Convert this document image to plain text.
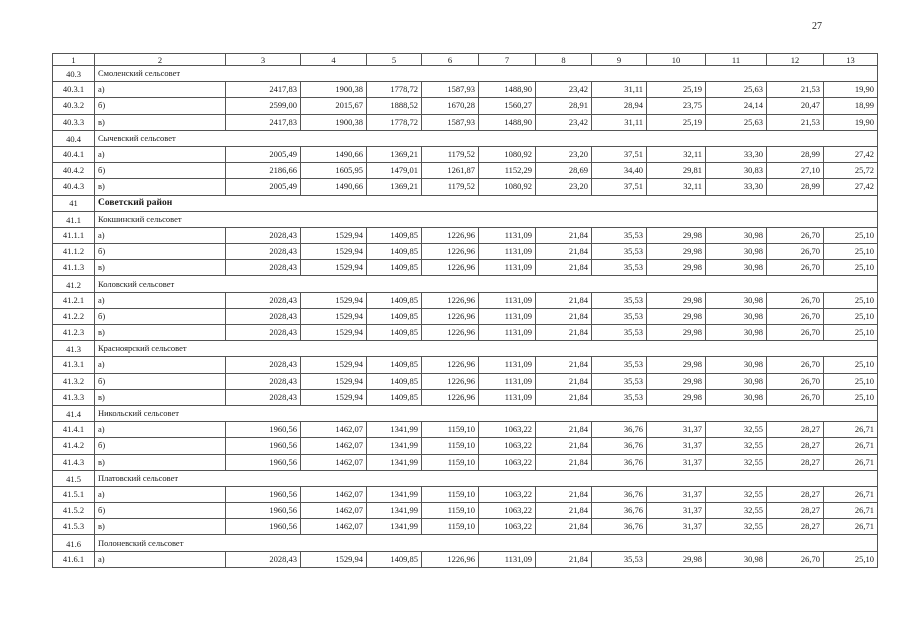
27
1	2	3	4	5	6	7	8	9	10	11	12	13
40.3	Смоленский сельсовет											
40.3.1	а)	2417,83	1900,38	1778,72	1587,93	1488,90	23,42	31,11	25,19	25,63	21,53	19,90
40.3.2	б)	2599,00	2015,67	1888,52	1670,28	1560,27	28,91	28,94	23,75	24,14	20,47	18,99
40.3.3	в)	2417,83	1900,38	1778,72	1587,93	1488,90	23,42	31,11	25,19	25,63	21,53	19,90
40.4	Сычевский сельсовет											
40.4.1	а)	2005,49	1490,66	1369,21	1179,52	1080,92	23,20	37,51	32,11	33,30	28,99	27,42
40.4.2	б)	2186,66	1605,95	1479,01	1261,87	1152,29	28,69	34,40	29,81	30,83	27,10	25,72
40.4.3	в)	2005,49	1490,66	1369,21	1179,52	1080,92	23,20	37,51	32,11	33,30	28,99	27,42
41	Советский район											
41.1	Кокшинский сельсовет											
41.1.1	а)	2028,43	1529,94	1409,85	1226,96	1131,09	21,84	35,53	29,98	30,98	26,70	25,10
41.1.2	б)	2028,43	1529,94	1409,85	1226,96	1131,09	21,84	35,53	29,98	30,98	26,70	25,10
41.1.3	в)	2028,43	1529,94	1409,85	1226,96	1131,09	21,84	35,53	29,98	30,98	26,70	25,10
41.2	Коловский сельсовет											
41.2.1	а)	2028,43	1529,94	1409,85	1226,96	1131,09	21,84	35,53	29,98	30,98	26,70	25,10
41.2.2	б)	2028,43	1529,94	1409,85	1226,96	1131,09	21,84	35,53	29,98	30,98	26,70	25,10
41.2.3	в)	2028,43	1529,94	1409,85	1226,96	1131,09	21,84	35,53	29,98	30,98	26,70	25,10
41.3	Красноярский сельсовет											
41.3.1	а)	2028,43	1529,94	1409,85	1226,96	1131,09	21,84	35,53	29,98	30,98	26,70	25,10
41.3.2	б)	2028,43	1529,94	1409,85	1226,96	1131,09	21,84	35,53	29,98	30,98	26,70	25,10
41.3.3	в)	2028,43	1529,94	1409,85	1226,96	1131,09	21,84	35,53	29,98	30,98	26,70	25,10
41.4	Никольский сельсовет											
41.4.1	а)	1960,56	1462,07	1341,99	1159,10	1063,22	21,84	36,76	31,37	32,55	28,27	26,71
41.4.2	б)	1960,56	1462,07	1341,99	1159,10	1063,22	21,84	36,76	31,37	32,55	28,27	26,71
41.4.3	в)	1960,56	1462,07	1341,99	1159,10	1063,22	21,84	36,76	31,37	32,55	28,27	26,71
41.5	Платовский сельсовет											
41.5.1	а)	1960,56	1462,07	1341,99	1159,10	1063,22	21,84	36,76	31,37	32,55	28,27	26,71
41.5.2	б)	1960,56	1462,07	1341,99	1159,10	1063,22	21,84	36,76	31,37	32,55	28,27	26,71
41.5.3	в)	1960,56	1462,07	1341,99	1159,10	1063,22	21,84	36,76	31,37	32,55	28,27	26,71
41.6	Полоневский сельсовет											
41.6.1	а)	2028,43	1529,94	1409,85	1226,96	1131,09	21,84	35,53	29,98	30,98	26,70	25,10
